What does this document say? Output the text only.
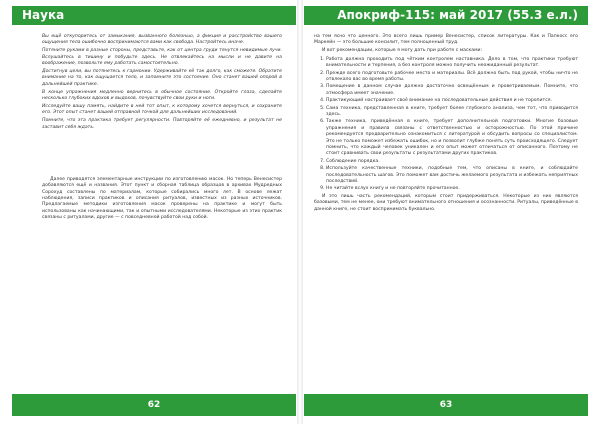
Наука

Вы ещё откупоритесь от замыкания, вызванного болезнью, а фикция и расстройство вашего ощущения тела ошибочно воспринимаются вами как свобода. Настройтесь иначе.

Потяните руками в разные стороны, представьте, как от центра груди тянутся невидимые лучи. Вслушайтесь в тишину и побудьте здесь. Не отвлекайтесь на мысли и не давите на воображение, позвольте ему работать самостоятельно.

Достигнув цели, вы потянетесь к гармонии. Удерживайте её так долго, как сможете. Обратите внимание на то, как ощущается тело, и запомните это состояние. Оно станет вашей опорой в дальнейшей практике.

В конце упражнения медленно вернитесь в обычное состояние. Откройте глаза, сделайте несколько глубоких вдохов и выдохов, почувствуйте свои руки и ноги.

Исследуйте вашу память, найдите в ней тот опыт, к которому хочется вернуться, и сохраните его. Этот опыт станет вашей отправной точкой для дальнейших исследований.

Помните, что эта практика требует регулярности. Повторяйте её ежедневно, и результат не заставит себя ждать.

Далее приводятся элементарные инструкции по изготовлению масок. Но теперь Венесистер добавляются ещё и названия. Этот пункт и сборная таблица образцов в архивах Мудредных Сорохуд составлены по материалам, которые собирались много лет. В основе лежат наблюдения, записи практиков и описания ритуалов, известных из разных источников. Предлагаемые методики изготовления масок проверены на практике и могут быть использованы как начинающими, так и опытными исследователями. Некоторые из этих практик связаны с ритуалами, другие — с повседневной работой над собой.

62
Апокриф-115: май 2017 (55.3 е.л.)

на тем ясно что ценного. Это всего лишь пример Венесистер, список литературы. Как и Папкосс его Маркейн — это большие консилит, тем полноценный труд.

И вот рекомендации, которые я могу дать при работе с масками:

1. Работа должна проходить под чётким контролем наставника. Дело в том, что практики требуют внимательности и терпения, а без контроля можно получить неожиданный результат.
2. Прежде всего подготовьте рабочее место и материалы. Всё должно быть под рукой, чтобы ничто не отвлекало вас во время работы.
3. Помещение в данном случае должно достаточно освещённым и проветриваемым. Помните, что атмосфера имеет значение.
4. Практикующий настраивает своё внимание на последовательные действия и не торопится.
5. Сама техника, представленная в книге, требует более глубокого анализа, чем тот, что приводится здесь.
6. Также техника, приведённая в книге, требует дополнительной подготовки. Многие базовые упражнения и правила связаны с ответственностью и осторожностью. По этой причине рекомендуется предварительно ознакомиться с литературой и обсудить вопросы со специалистом. Это не только поможет избежать ошибок, но и позволит глубже понять суть происходящего. Следует помнить, что каждый человек уникален и его опыт может отличаться от описанного. Поэтому не стоит сравнивать свои результаты с результатами других практиков.
7. Соблюдение порядка.
8. Используйте качественные техники, подобные тем, что описаны в книге, и соблюдайте последовательность шагов. Это поможет вам достичь желаемого результата и избежать неприятных последствий.
9. Не читайте вслух книгу и не повторяйте прочитанное.

И это лишь часть рекомендаций, которым стоит придерживаться. Некоторые из них являются базовыми, тем не менее, они требуют внимательного отношения и осознанности. Ритуалы, приведённые в данной книге, не стоит воспринимать буквально.

63
